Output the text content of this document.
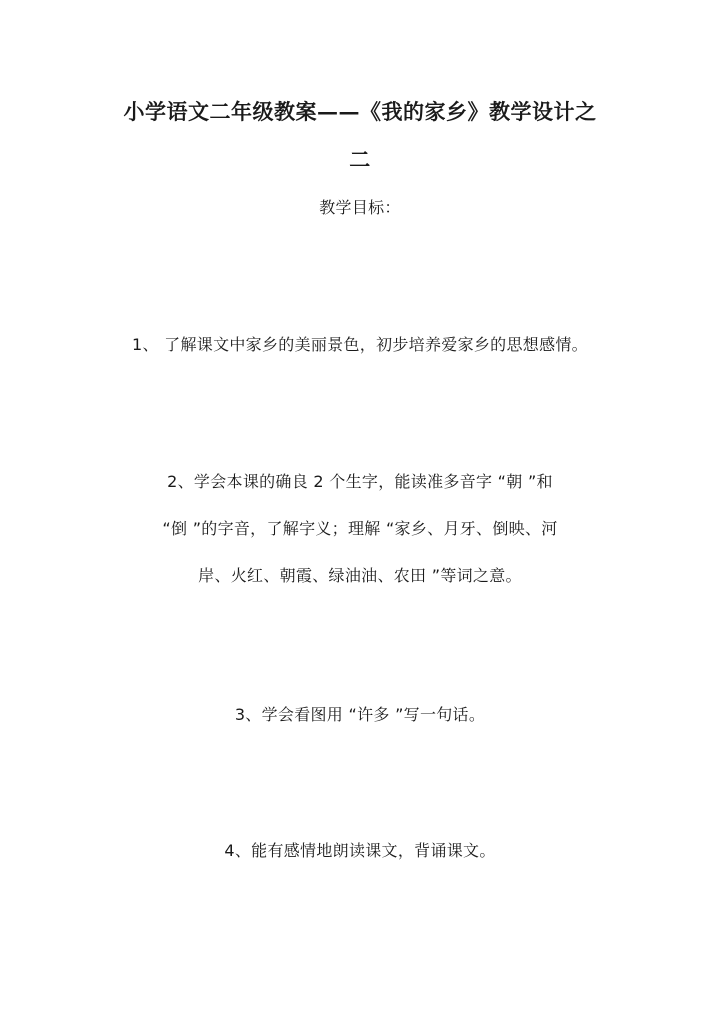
小学语文二年级教案——《我的家乡》教学设计之
二
教学目标：
1、 了解课文中家乡的美丽景色，初步培养爱家乡的思想感情。
2、学会本课的确良 2 个生字，能读准多音字 “朝 ”和
“倒 ”的字音，了解字义；理解 “家乡、月牙、倒映、河
岸、火红、朝霞、绿油油、农田 ”等词之意。
3、学会看图用 “许多 ”写一句话。
4、能有感情地朗读课文，背诵课文。
